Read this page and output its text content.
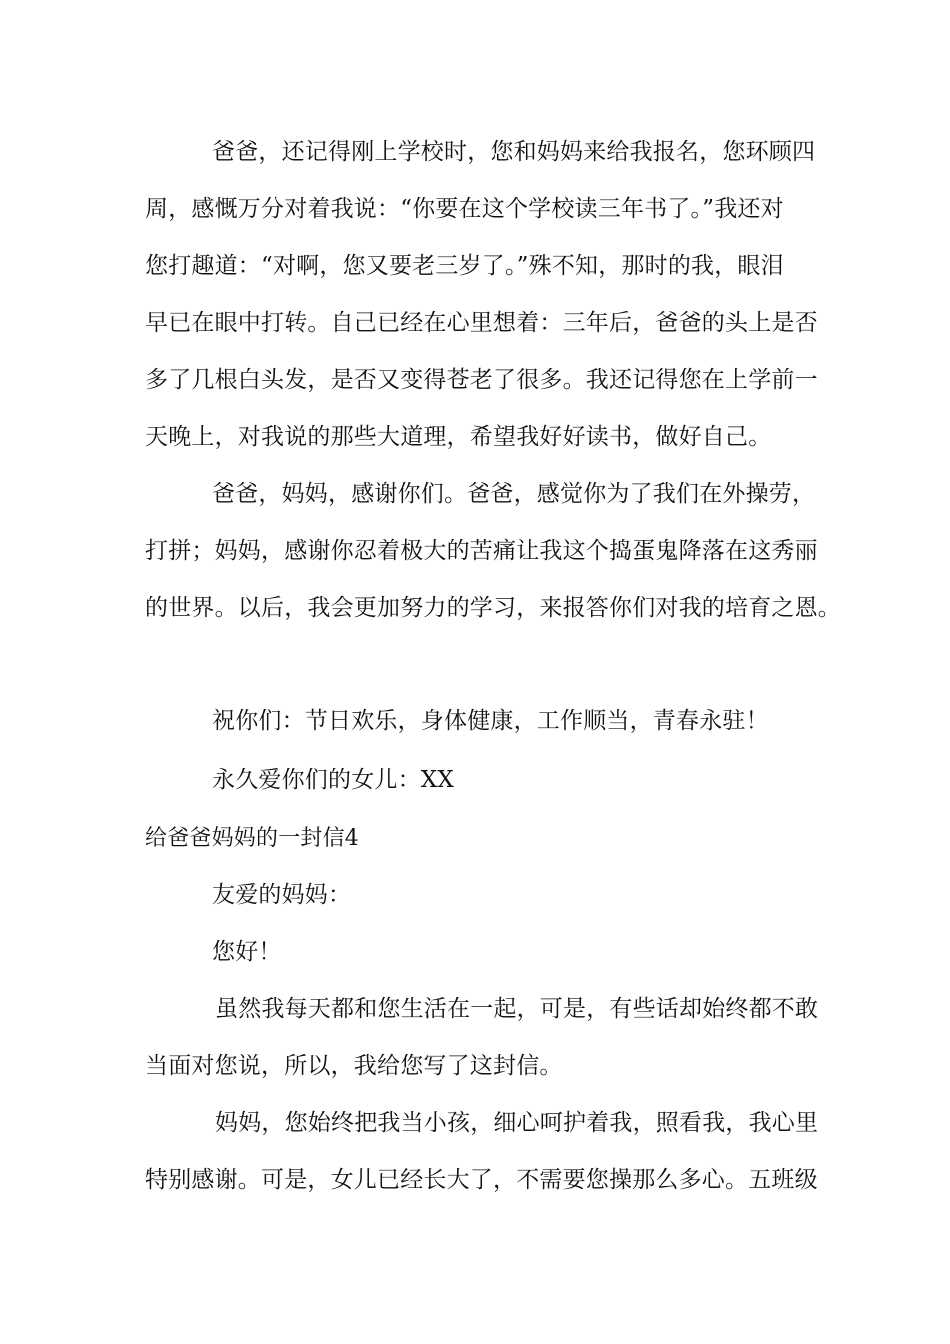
爸爸，还记得刚上学校时，您和妈妈来给我报名，您环顾四
周，感慨万分对着我说：“你要在这个学校读三年书了。”我还对
您打趣道：“对啊，您又要老三岁了。”殊不知，那时的我，眼泪
早已在眼中打转。自己已经在心里想着：三年后，爸爸的头上是否
多了几根白头发，是否又变得苍老了很多。我还记得您在上学前一
天晚上，对我说的那些大道理，希望我好好读书，做好自己。
爸爸，妈妈，感谢你们。爸爸，感觉你为了我们在外操劳，
打拼；妈妈，感谢你忍着极大的苦痛让我这个捣蛋鬼降落在这秀丽
的世界。以后，我会更加努力的学习，来报答你们对我的培育之恩。
祝你们：节日欢乐，身体健康，工作顺当，青春永驻！
永久爱你们的女儿：XX
给爸爸妈妈的一封信4
友爱的妈妈：
您好！
虽然我每天都和您生活在一起，可是，有些话却始终都不敢
当面对您说，所以，我给您写了这封信。
妈妈，您始终把我当小孩，细心呵护着我，照看我，我心里
特别感谢。可是，女儿已经长大了，不需要您操那么多心。五班级
